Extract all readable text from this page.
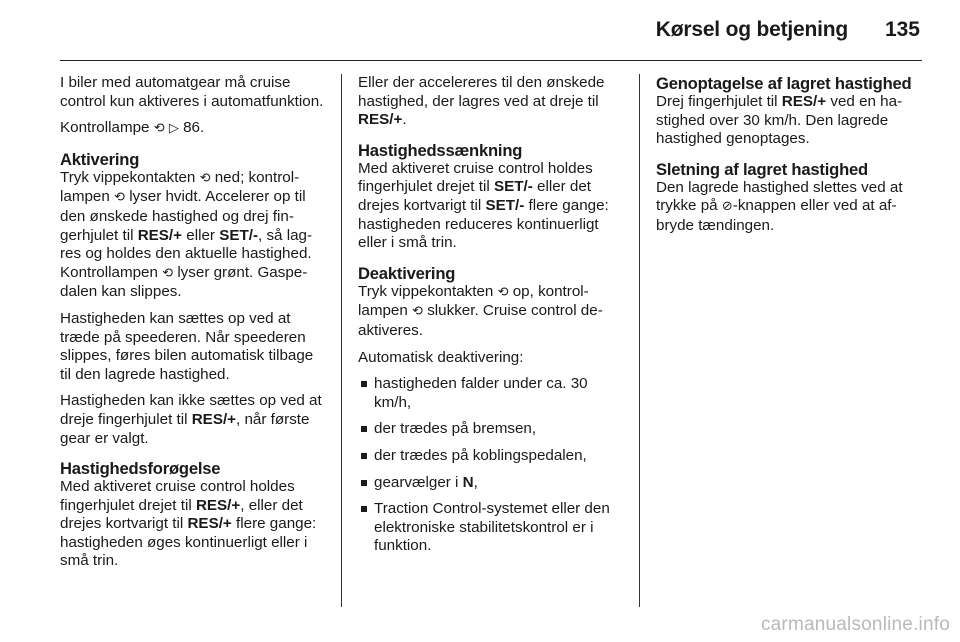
Kørsel og betjening 135

I biler med automatgear må cruise control kun aktiveres i automatfunktion.

Kontrollampe ⟲ ▷ 86.

Aktivering

Tryk vippekontakten ⟲ ned; kontrollampen ⟲ lyser hvidt. Accelerer op til den ønskede hastighed og drej fingerhjulet til RES/+ eller SET/-, så lagres og holdes den aktuelle hastighed. Kontrollampen ⟲ lyser grønt. Gaspedalen kan slippes.

Hastigheden kan sættes op ved at træde på speederen. Når speederen slippes, føres bilen automatisk tilbage til den lagrede hastighed.

Hastigheden kan ikke sættes op ved at dreje fingerhjulet til RES/+, når første gear er valgt.

Hastighedsforøgelse

Med aktiveret cruise control holdes fingerhjulet drejet til RES/+, eller det drejes kortvarigt til RES/+ flere gange: hastigheden øges kontinuerligt eller i små trin.

Eller der accelereres til den ønskede hastighed, der lagres ved at dreje til RES/+.

Hastighedssænkning

Med aktiveret cruise control holdes fingerhjulet drejet til SET/- eller det drejes kortvarigt til SET/- flere gange: hastigheden reduceres kontinuerligt eller i små trin.

Deaktivering

Tryk vippekontakten ⟲ op, kontrollampen ⟲ slukker. Cruise control deaktiveres.

Automatisk deaktivering:

hastigheden falder under ca. 30 km/h,
der trædes på bremsen,
der trædes på koblingspedalen,
gearvælger i N,
Traction Control-systemet eller den elektroniske stabilitetskontrol er i funktion.
Genoptagelse af lagret hastighed

Drej fingerhjulet til RES/+ ved en hastighed over 30 km/h. Den lagrede hastighed genoptages.

Sletning af lagret hastighed

Den lagrede hastighed slettes ved at trykke på ⊘-knappen eller ved at afbryde tændingen.

carmanualsonline.info
